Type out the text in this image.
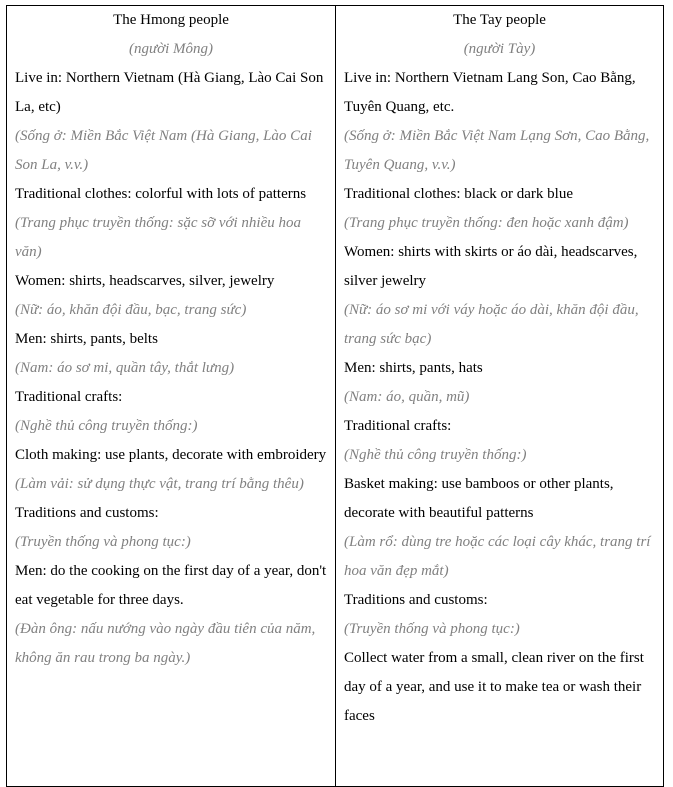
The Hmong people

(người Mông)

Live in: Northern Vietnam (Hà Giang, Lào Cai Son La, etc)

(Sống ở: Miền Bắc Việt Nam (Hà Giang, Lào Cai Son La, v.v.)

Traditional clothes: colorful with lots of patterns

(Trang phục truyền thống: sặc sỡ với nhiều hoa văn)

Women: shirts, headscarves, silver, jewelry

(Nữ: áo, khăn đội đầu, bạc, trang sức)

Men: shirts, pants, belts

(Nam: áo sơ mi, quần tây, thắt lưng)

Traditional crafts:

(Nghề thủ công truyền thống:)

Cloth making: use plants, decorate with embroidery

(Làm vải: sử dụng thực vật, trang trí bằng thêu)

Traditions and customs:

(Truyền thống và phong tục:)

Men: do the cooking on the first day of a year, don't eat vegetable for three days.

(Đàn ông: nấu nướng vào ngày đầu tiên của năm, không ăn rau trong ba ngày.)

The Tay people

(người Tày)

Live in: Northern Vietnam Lang Son, Cao Bằng, Tuyên Quang, etc.

(Sống ở: Miền Bắc Việt Nam Lạng Sơn, Cao Bằng, Tuyên Quang, v.v.)

Traditional clothes: black or dark blue

(Trang phục truyền thống: đen hoặc xanh đậm)

Women: shirts with skirts or áo dài, headscarves, silver jewelry

(Nữ: áo sơ mi với váy hoặc áo dài, khăn đội đầu, trang sức bạc)

Men: shirts, pants, hats

(Nam: áo, quần, mũ)

Traditional crafts:

(Nghề thủ công truyền thống:)

Basket making: use bamboos or other plants, decorate with beautiful patterns

(Làm rổ: dùng tre hoặc các loại cây khác, trang trí hoa văn đẹp mắt)

Traditions and customs:

(Truyền thống và phong tục:)

Collect water from a small, clean river on the first day of a year, and use it to make tea or wash their faces
